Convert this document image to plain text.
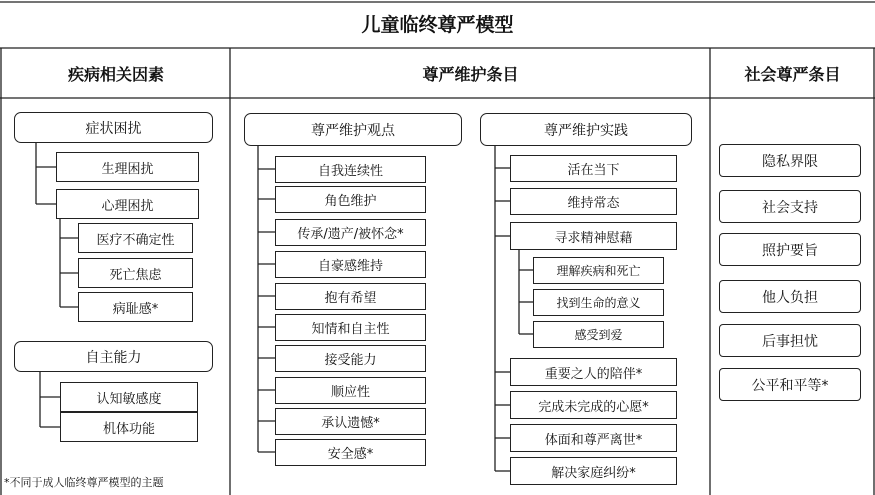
儿童临终尊严模型
疾病相关因素	尊严维护条目	社会尊严条目
症状困扰
生理困扰
心理困扰
医疗不确定性
死亡焦虑
病耻感*
自主能力
认知敏感度
机体功能
尊严维护观点
自我连续性
角色维护
传承/遗产/被怀念*
自豪感维持
抱有希望
知情和自主性
接受能力
顺应性
承认遗憾*
安全感*
尊严维护实践
活在当下
维持常态
寻求精神慰藉
理解疾病和死亡
找到生命的意义
感受到爱
重要之人的陪伴*
完成未完成的心愿*
体面和尊严离世*
解决家庭纠纷*
隐私界限
社会支持
照护要旨
他人负担
后事担忧
公平和平等*
*不同于成人临终尊严模型的主题
